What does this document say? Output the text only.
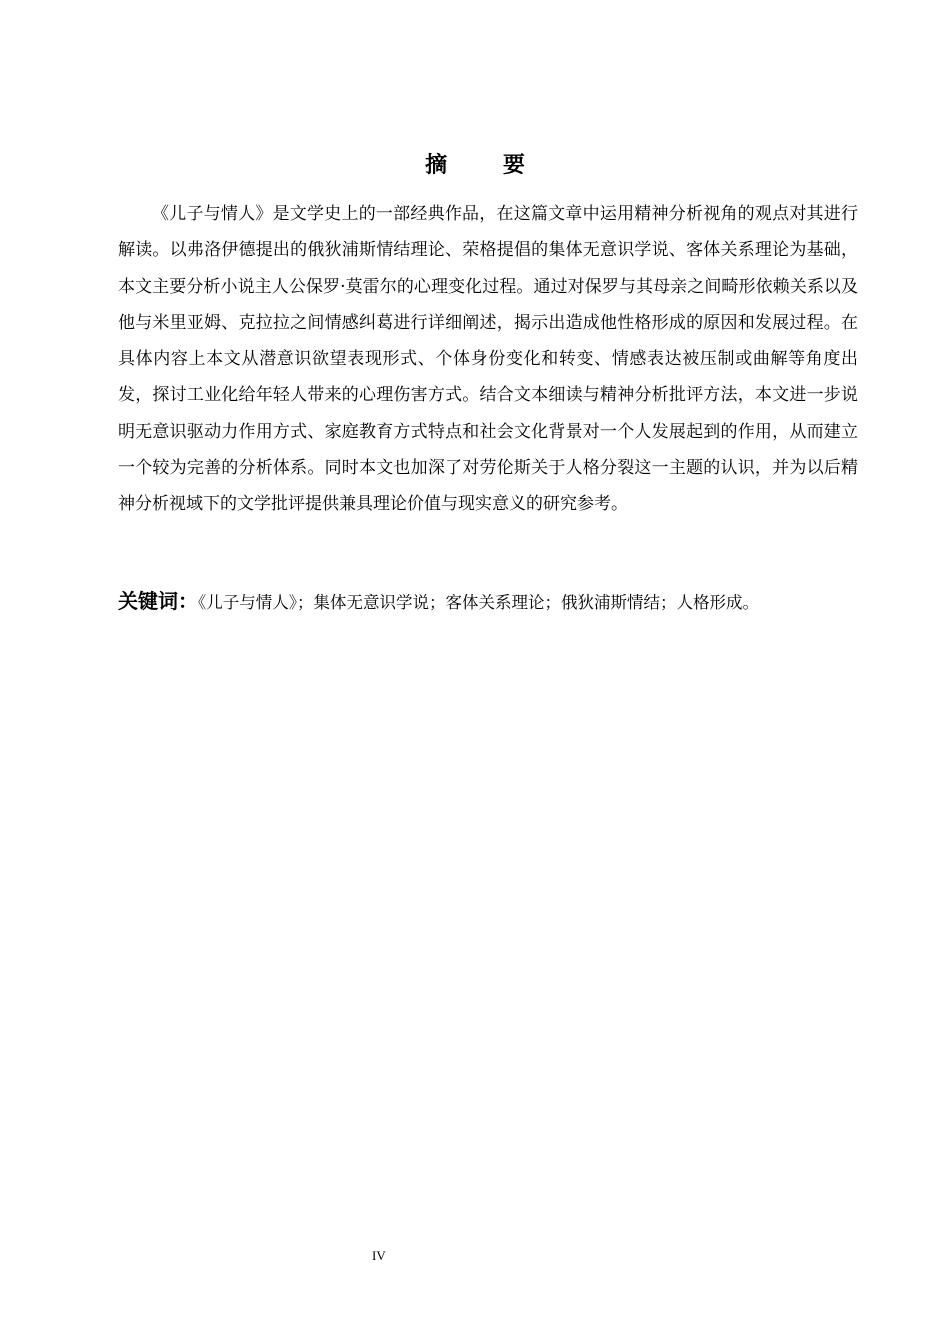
摘 要

《儿子与情人》是文学史上的一部经典作品，在这篇文章中运用精神分析视角的观点对其进行解读。以弗洛伊德提出的俄狄浦斯情结理论、荣格提倡的集体无意识学说、客体关系理论为基础，本文主要分析小说主人公保罗·莫雷尔的心理变化过程。通过对保罗与其母亲之间畸形依赖关系以及他与米里亚姆、克拉拉之间情感纠葛进行详细阐述，揭示出造成他性格形成的原因和发展过程。在具体内容上本文从潜意识欲望表现形式、个体身份变化和转变、情感表达被压制或曲解等角度出发，探讨工业化给年轻人带来的心理伤害方式。结合文本细读与精神分析批评方法，本文进一步说明无意识驱动力作用方式、家庭教育方式特点和社会文化背景对一个人发展起到的作用，从而建立一个较为完善的分析体系。同时本文也加深了对劳伦斯关于人格分裂这一主题的认识，并为以后精神分析视域下的文学批评提供兼具理论价值与现实意义的研究参考。

关键词：《儿子与情人》；集体无意识学说；客体关系理论；俄狄浦斯情结；人格形成。

IV
